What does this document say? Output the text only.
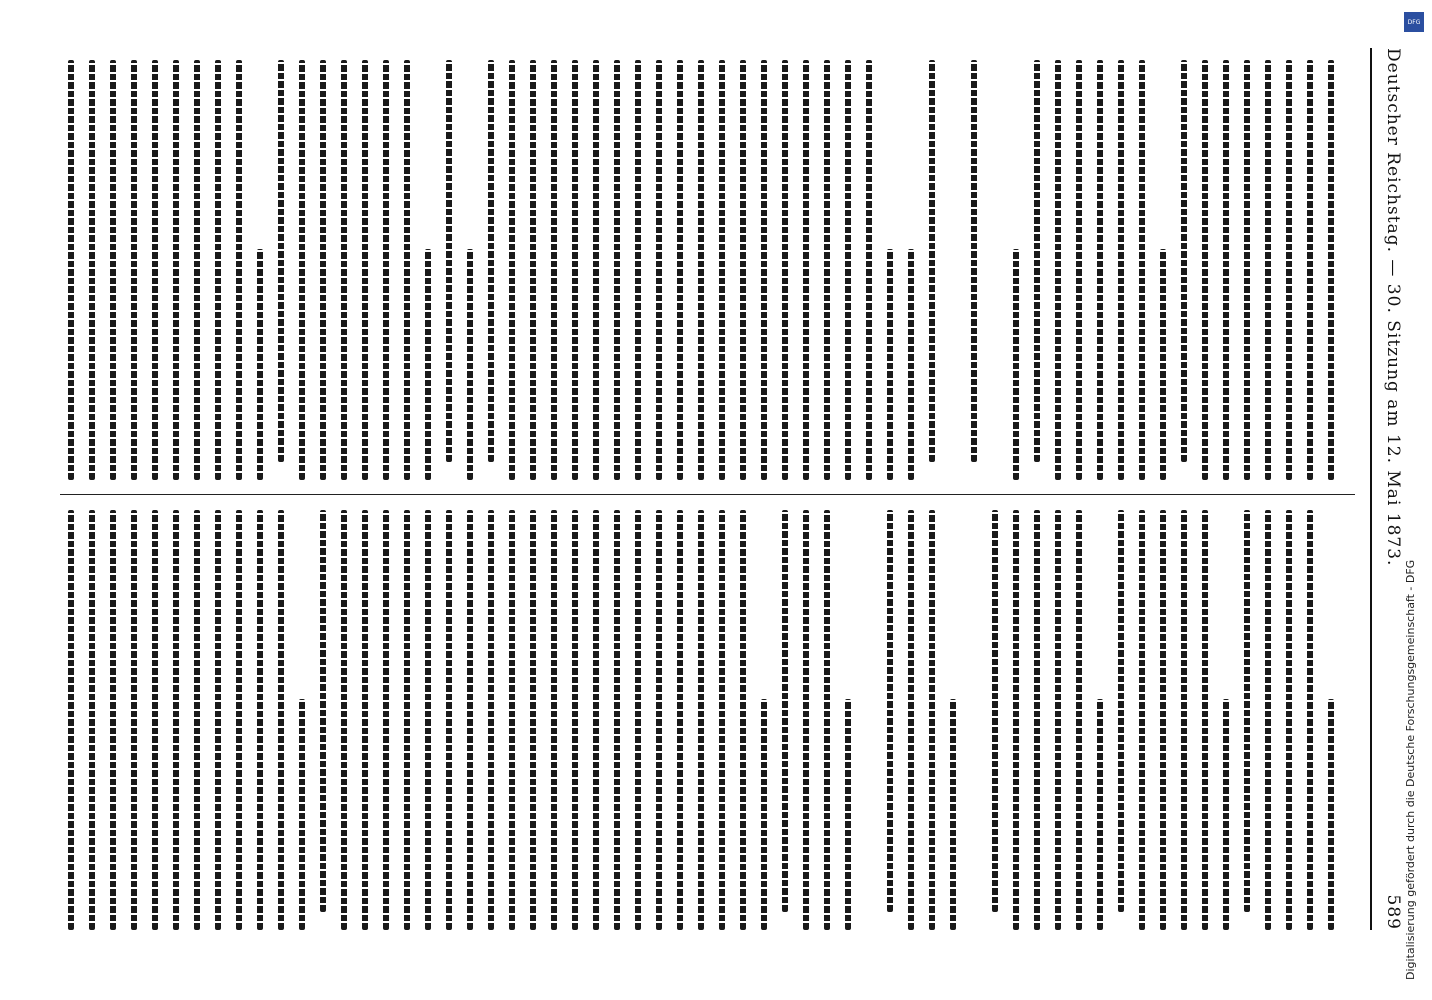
Deutscher Reichstag. — 30. Sitzung am 12. Mai 1873.
589
DFG
Digitalisierung gefördert durch die Deutsche Forschungsgemeinschaft - DFG
